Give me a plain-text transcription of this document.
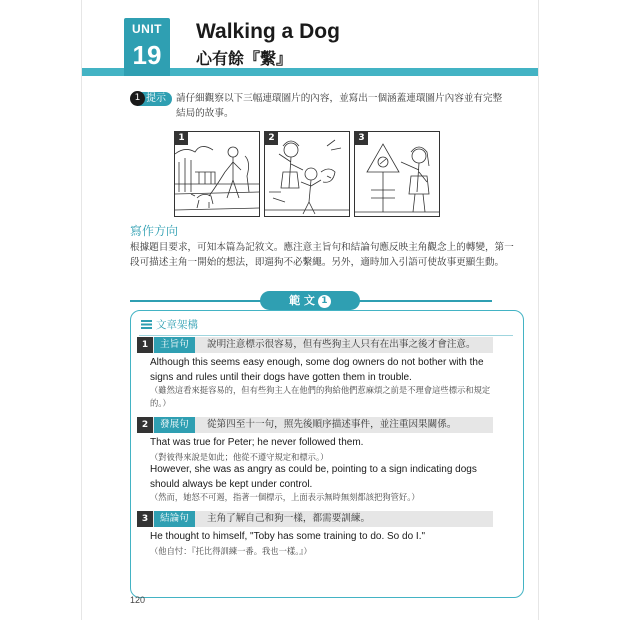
UNIT
19
Walking a Dog
心有餘『繫』
1 提示	請仔細觀察以下三幅連環圖片的內容，並寫出一個涵蓋連環圖片內容並有完整結局的故事。
1	2	3
寫作方向
根據題目要求，可知本篇為記敘文。應注意主旨句和結論句應反映主角觀念上的轉變，第一段可描述主角一開始的想法，即遛狗不必繫繩。另外，適時加入引語可使故事更顯生動。
範 文 1
文章架構
1	主旨句	說明注意標示很容易，但有些狗主人只有在出事之後才會注意。
Although this seems easy enough, some dog owners do not bother with the signs and rules until their dogs have gotten them in trouble.
（雖然這看來挺容易的，但有些狗主人在他們的狗給他們惹麻煩之前是不理會這些標示和規定的。）
2	發展句	從第四至十一句，照先後順序描述事件，並注重因果關係。
That was true for Peter; he never followed them.
（對彼得來說是如此；他從不遵守規定和標示。）
However, she was as angry as could be, pointing to a sign indicating dogs should always be kept under control.
（然而，她怒不可遏，指著一個標示，上面表示無時無刻都該把狗管好。）
3	結論句	主角了解自己和狗一樣，都需要訓練。
He thought to himself, "Toby has some training to do. So do I."
（他自忖：『托比得訓練一番。我也一樣。』）
120
